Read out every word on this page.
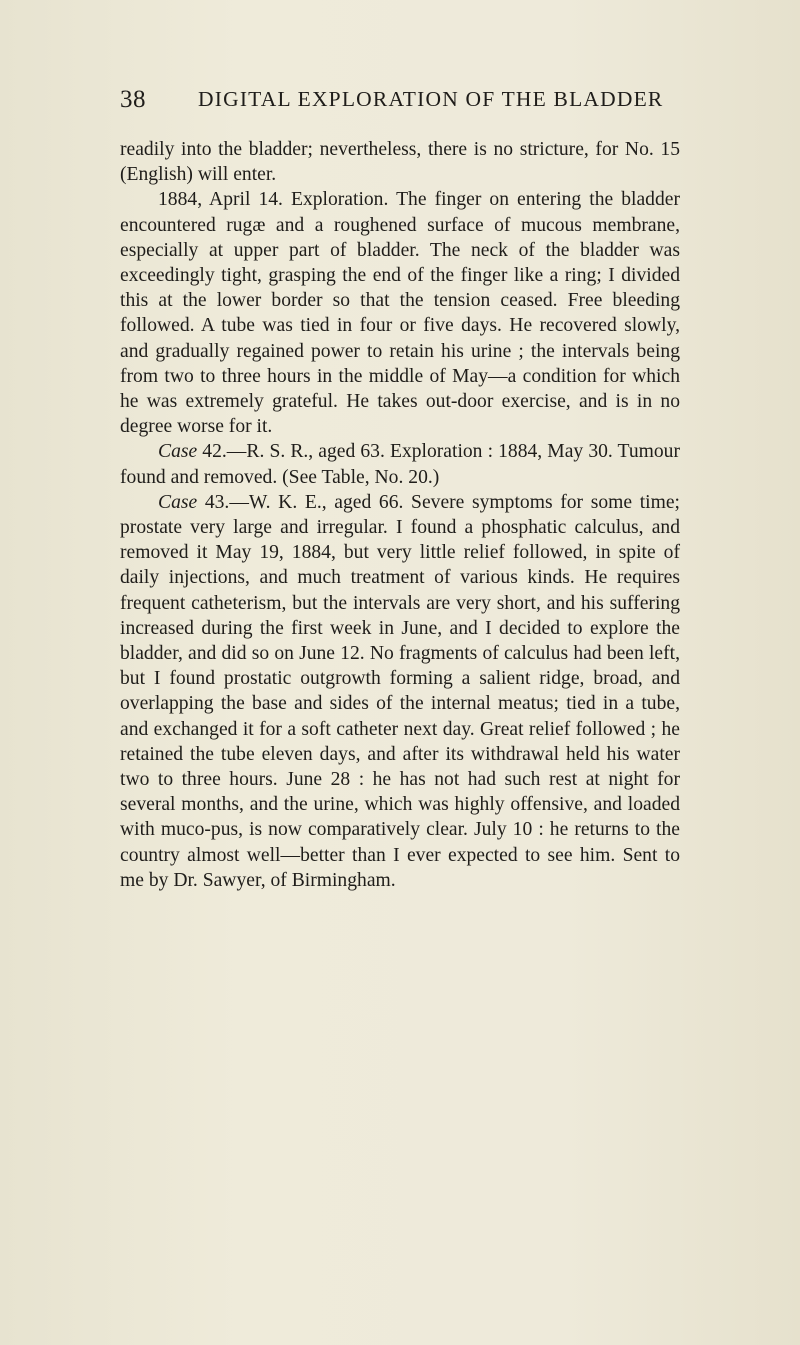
38 DIGITAL EXPLORATION OF THE BLADDER

readily into the bladder; nevertheless, there is no stricture, for No. 15 (English) will enter.

1884, April 14. Exploration. The finger on entering the bladder encountered rugæ and a roughened surface of mucous membrane, especially at upper part of bladder. The neck of the bladder was exceedingly tight, grasping the end of the finger like a ring; I divided this at the lower border so that the tension ceased. Free bleeding followed. A tube was tied in four or five days. He recovered slowly, and gradually regained power to retain his urine ; the intervals being from two to three hours in the middle of May—a condition for which he was extremely grateful. He takes out-door exercise, and is in no degree worse for it.

Case 42.—R. S. R., aged 63. Exploration : 1884, May 30. Tumour found and removed. (See Table, No. 20.)

Case 43.—W. K. E., aged 66. Severe symptoms for some time; prostate very large and irregular. I found a phosphatic calculus, and removed it May 19, 1884, but very little relief followed, in spite of daily injections, and much treatment of various kinds. He requires frequent catheterism, but the intervals are very short, and his suffering increased during the first week in June, and I decided to explore the bladder, and did so on June 12. No fragments of calculus had been left, but I found prostatic outgrowth forming a salient ridge, broad, and overlapping the base and sides of the internal meatus; tied in a tube, and exchanged it for a soft catheter next day. Great relief followed ; he retained the tube eleven days, and after its withdrawal held his water two to three hours. June 28 : he has not had such rest at night for several months, and the urine, which was highly offensive, and loaded with muco-pus, is now comparatively clear. July 10 : he returns to the country almost well—better than I ever expected to see him. Sent to me by Dr. Sawyer, of Birmingham.
